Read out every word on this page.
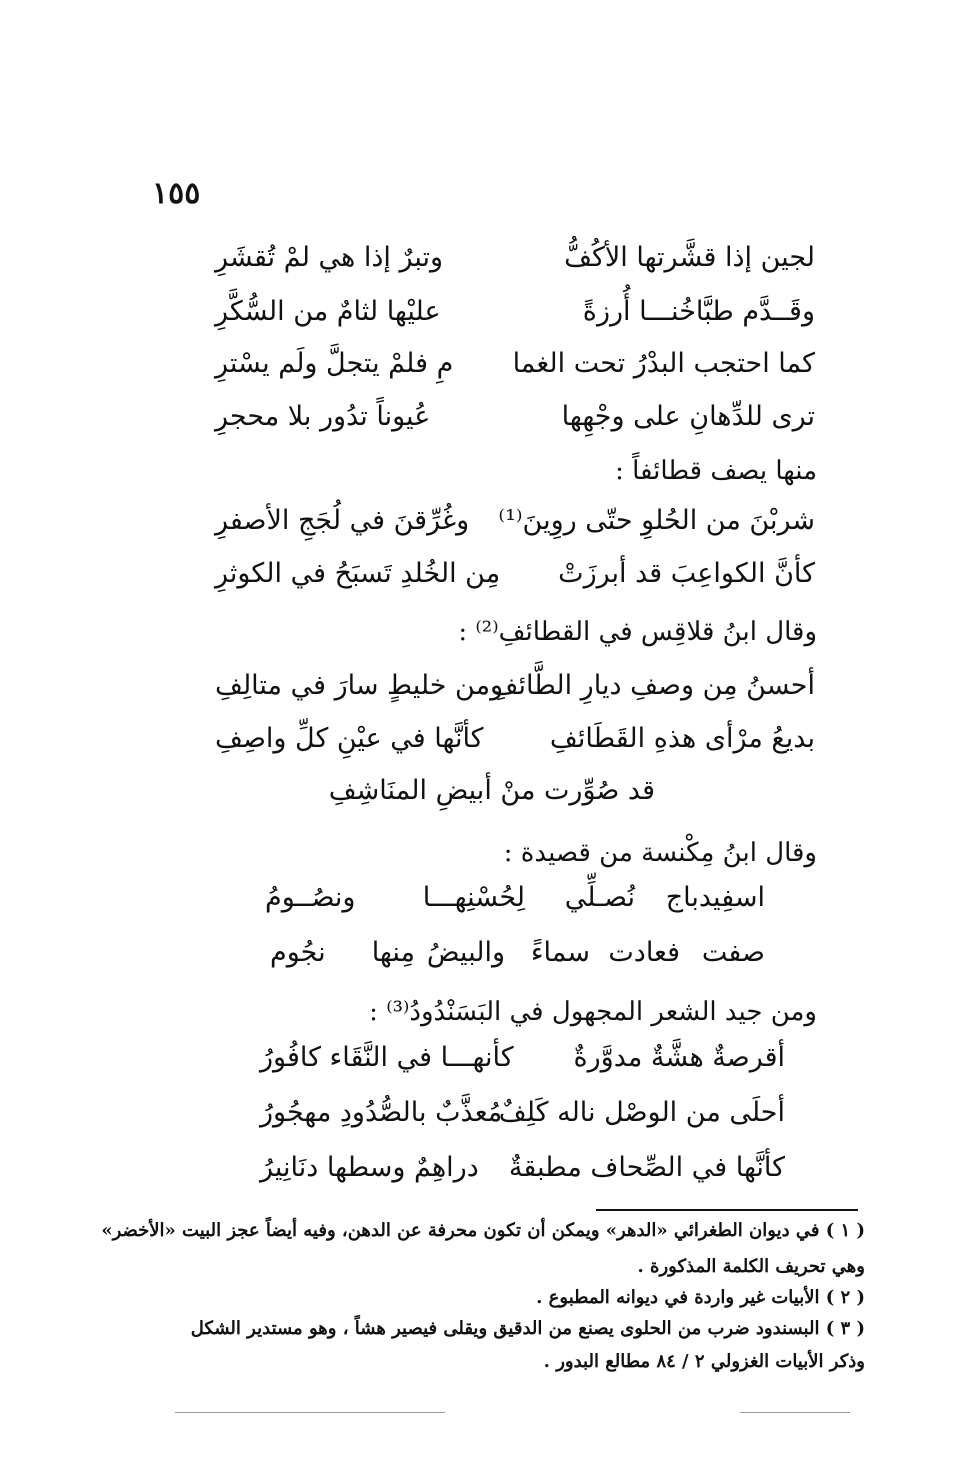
١٥٥
لجين إذا قشَّرتها الأكُفُّ
وتبرٌ إذا هي لمْ تُقشَرِ
وقَــدَّم طبَّاخُنـــا أُرزةً
عليْها لثامٌ من السُّكَّرِ
كما احتجب البدْرُ تحت الغما
مِ فلمْ يتجلَّ ولَم يسْترِ
ترى للدِّهانِ على وجْهِها
عُيوناً تدُور بلا محجرِ
منها يصف قطائفاً :
شربْنَ من الحُلوِ حتّى روِينَ⁽¹⁾
وغُرِّقنَ في لُجَجِ الأصفرِ
كأنَّ الكواعِبَ قد أبرزَتْ
مِن الخُلدِ تَسبَحُ في الكوثرِ
وقال ابنُ قلاقِس في القطائفِ⁽²⁾ :
أحسنُ مِن وصفِ ديارِ الطَّائفِ
ومن خليطٍ سارَ في متالِفِ
بديعُ مرْأى هذهِ القَطَائفِ
كأنَّها في عيْنِ كلِّ واصِفِ
قد صُوِّرت منْ أبيضِ المنَاشِفِ
وقال ابنُ مِكْنسة من قصيدة :
اسفِيدباج
نُصـلِّي
لِحُسْنِهـــا
ونصُــومُ
صفت
فعادت
سماءً
والبيضُ
مِنها
نجُوم
ومن جيد الشعر المجهول في البَسَنْدُودُ⁽³⁾ :
أقرصةٌ هشَّةٌ مدوَّرةٌ
كأنهـــا في النَّقَاء كافُورُ
أحلَى من الوصْل ناله كَلِفٌ
مُعذَّبٌ بالصُّدُودِ مهجُورُ
كأنَّها في الصِّحاف مطبقةٌ
دراهِمٌ وسطها دنَانِيرُ
( ١ ) في ديوان الطغرائي «الدهر» ويمكن أن تكون محرفة عن الدهن، وفيه أيضاً عجز البيت «الأخضر»
وهي تحريف الكلمة المذكورة .
( ٢ ) الأبيات غير واردة في ديوانه المطبوع .
( ٣ ) البسندود ضرب من الحلوى يصنع من الدقيق ويقلى فيصير هشاً ، وهو مستدير الشكل
وذكر الأبيات الغزولي ٢ / ٨٤ مطالع البدور .
